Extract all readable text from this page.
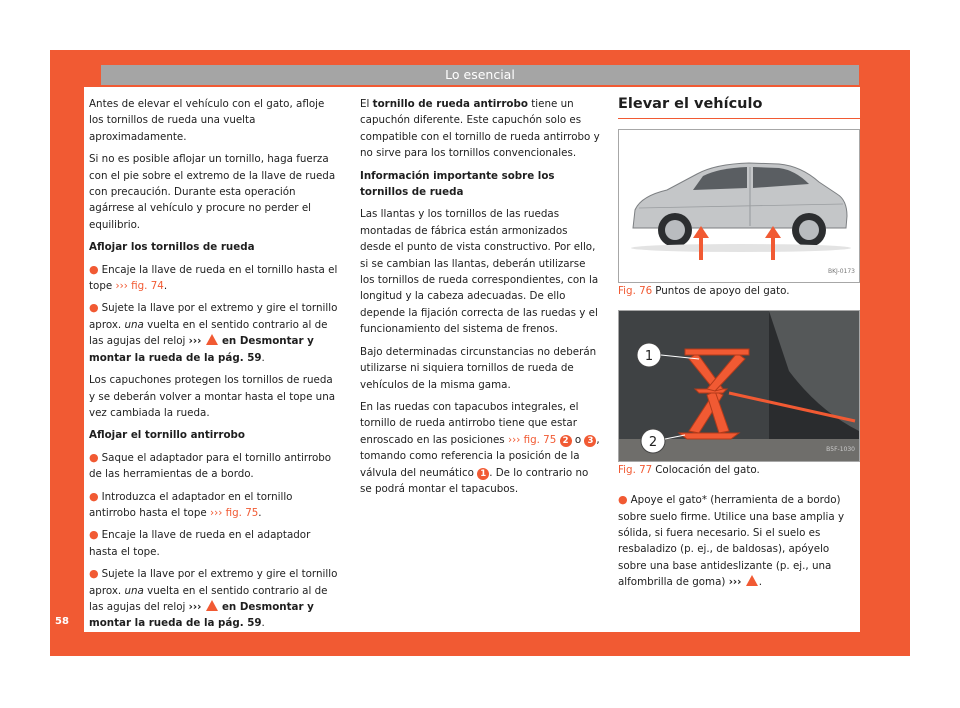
Lo esencial
58

Antes de elevar el vehículo con el gato, afloje los tornillos de rueda una vuelta aproximadamente.

Si no es posible aflojar un tornillo, haga fuerza con el pie sobre el extremo de la llave de rueda con precaución. Durante esta operación agárrese al vehículo y procure no perder el equilibrio.

Aflojar los tornillos de rueda

● Encaje la llave de rueda en el tornillo hasta el tope ››› fig. 74.

● Sujete la llave por el extremo y gire el tornillo aprox. una vuelta en el sentido contrario al de las agujas del reloj ››› en Desmontar y montar la rueda de la pág. 59.

Los capuchones protegen los tornillos de rueda y se deberán volver a montar hasta el tope una vez cambiada la rueda.

Aflojar el tornillo antirrobo

● Saque el adaptador para el tornillo antirrobo de las herramientas de a bordo.

● Introduzca el adaptador en el tornillo antirrobo hasta el tope ››› fig. 75.

● Encaje la llave de rueda en el adaptador hasta el tope.

● Sujete la llave por el extremo y gire el tornillo aprox. una vuelta en el sentido contrario al de las agujas del reloj ››› en Desmontar y montar la rueda de la pág. 59.

El tornillo de rueda antirrobo tiene un capuchón diferente. Este capuchón solo es compatible con el tornillo de rueda antirrobo y no sirve para los tornillos convencionales.

Información importante sobre los tornillos de rueda

Las llantas y los tornillos de las ruedas montadas de fábrica están armonizados desde el punto de vista constructivo. Por ello, si se cambian las llantas, deberán utilizarse los tornillos de rueda correspondientes, con la longitud y la cabeza adecuadas. De ello depende la fijación correcta de las ruedas y el funcionamiento del sistema de frenos.

Bajo determinadas circunstancias no deberán utilizarse ni siquiera tornillos de rueda de vehículos de la misma gama.

En las ruedas con tapacubos integrales, el tornillo de rueda antirrobo tiene que estar enroscado en las posiciones ››› fig. 75 2 o 3 , tomando como referencia la posición de la válvula del neumático 1 . De lo contrario no se podrá montar el tapacubos.

Elevar el vehículo
BKJ-0173

Fig. 76 Puntos de apoyo del gato.

1
2
B5F-1030

Fig. 77 Colocación del gato.

● Apoye el gato* (herramienta de a bordo) sobre suelo firme. Utilice una base amplia y sólida, si fuera necesario. Si el suelo es resbaladizo (p. ej., de baldosas), apóyelo sobre una base antideslizante (p. ej., una alfombrilla de goma) ››› .
